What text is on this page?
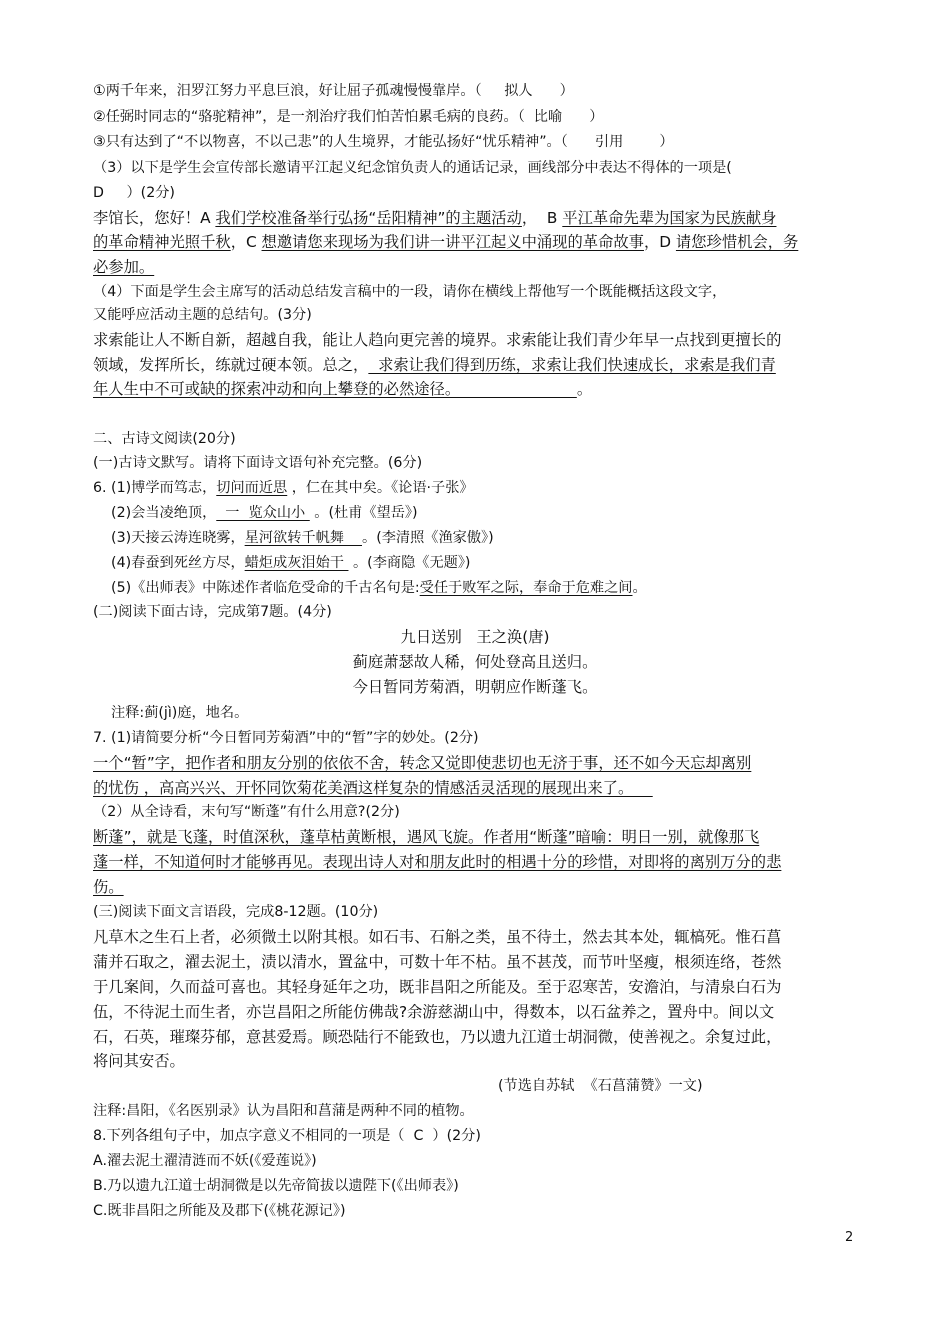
①两千年来，汨罗江努力平息巨浪，好让屈子孤魂慢慢靠岸。（     拟人      ）
②任弼时同志的“骆驼精神”，是一剂治疗我们怕苦怕累毛病的良药。（  比喻      ）
③只有达到了“不以物喜，不以己悲”的人生境界，才能弘扬好“忧乐精神”。（      引用        ）
（3）以下是学生会宣传部长邀请平江起义纪念馆负责人的通话记录，画线部分中表达不得体的一项是(
D     ）(2分)
李馆长，您好！A 我们学校准备举行弘扬“岳阳精神”的主题活动，  B 平江革命先辈为国家为民族献身
的革命精神光照千秋，C 想邀请您来现场为我们讲一讲平江起义中涌现的革命故事，D 请您珍惜机会，务
必参加。
（4）下面是学生会主席写的活动总结发言稿中的一段，请你在横线上帮他写一个既能概括这段文字，
又能呼应活动主题的总结句。(3分)
求索能让人不断自新，超越自我，能让人趋向更完善的境界。求索能让我们青少年早一点找到更擅长的
领域，发挥所长，练就过硬本领。总之，  求索让我们得到历练，求索让我们快速成长，求索是我们青
年人生中不可或缺的探索冲动和向上攀登的必然途径。                        。
二、古诗文阅读(20分)
(一)古诗文默写。请将下面诗文语句补充完整。(6分)
6. (1)博学而笃志，切问而近思 ，仁在其中矣。《论语·子张》
(2)会当凌绝顶，  一  览众山小  。(杜甫《望岳》)
(3)天接云涛连晓雾，星河欲转千帆舞    。(李清照《渔家傲》)
(4)春蚕到死丝方尽，蜡炬成灰泪始干  。(李商隐《无题》)
(5)《出师表》中陈述作者临危受命的千古名句是:受任于败军之际，奉命于危难之间。
(二)阅读下面古诗，完成第7题。(4分)
九日送别   王之涣(唐)
蓟庭萧瑟故人稀，何处登高且送归。
今日暂同芳菊酒，明朝应作断蓬飞。
注释:蓟(jì)庭，地名。
7. (1)请简要分析“今日暂同芳菊酒”中的“暂”字的妙处。(2分)
一个“暂”字，把作者和朋友分别的依依不舍，转念又觉即使悲切也无济于事，还不如今天忘却离别
的忧伤 ，高高兴兴、开怀同饮菊花美酒这样复杂的情感活灵活现的展现出来了。
（2）从全诗看，末句写“断蓬”有什么用意?(2分)
断蓬”，就是飞蓬，时值深秋，蓬草枯黄断根，遇风飞旋。作者用“断蓬”暗喻：明日一别，就像那飞
蓬一样，不知道何时才能够再见。表现出诗人对和朋友此时的相遇十分的珍惜，对即将的离别万分的悲
伤。
(三)阅读下面文言语段，完成8-12题。(10分)
凡草木之生石上者，必须微土以附其根。如石韦、石斛之类，虽不待土，然去其本处，辄槁死。惟石菖
蒲并石取之，濯去泥土，渍以清水，置盆中，可数十年不枯。虽不甚茂，而节叶坚瘦，根须连络，苍然
于几案间，久而益可喜也。其轻身延年之功，既非昌阳之所能及。至于忍寒苦，安澹泊，与清泉白石为
伍，不待泥土而生者，亦岂昌阳之所能仿佛哉?余游慈湖山中，得数本，以石盆养之，置舟中。间以文
石，石英，璀璨芬郁，意甚爱焉。顾恐陆行不能致也，乃以遗九江道士胡洞微，使善视之。余复过此，
将问其安否。
(节选自苏轼  《石菖蒲赞》一文)
注释:昌阳，《名医别录》认为昌阳和菖蒲是两种不同的植物。
8.下列各组句子中，加点字意义不相同的一项是（  C  ）(2分)
A.濯去泥土濯清涟而不妖(《爱莲说》)
B.乃以遗九江道士胡洞微是以先帝简拔以遗陛下(《出师表》)
C.既非昌阳之所能及及郡下(《桃花源记》)
2
